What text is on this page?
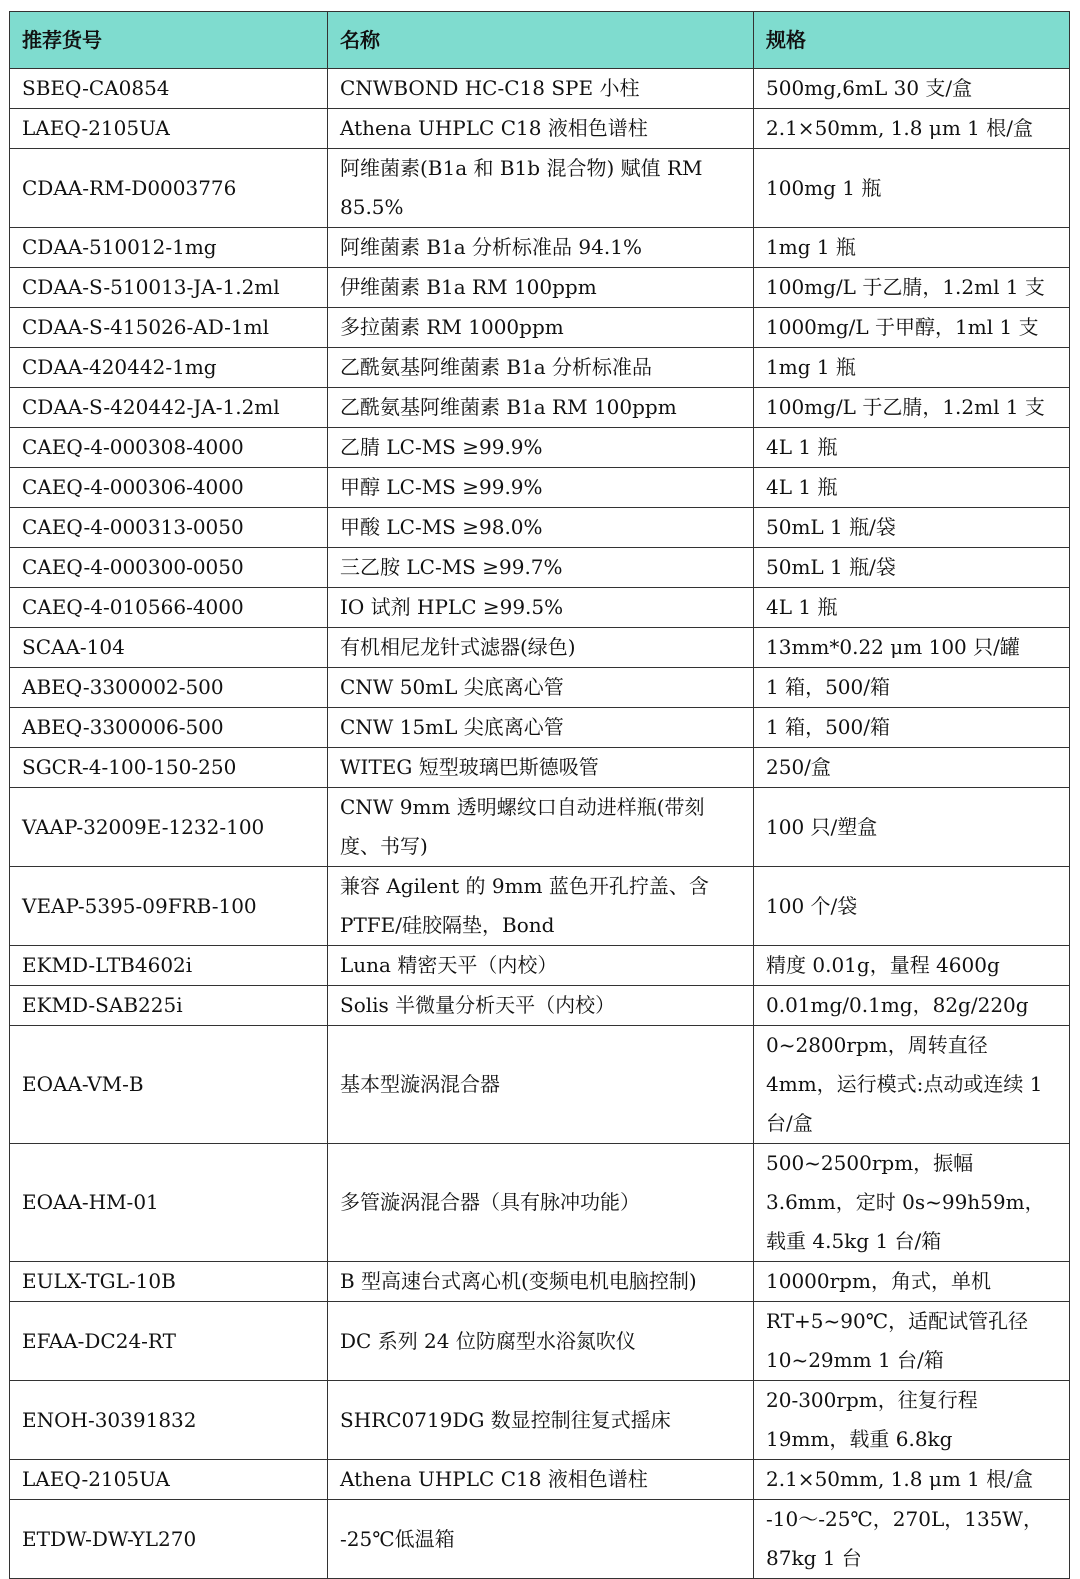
推荐货号	名称	规格
SBEQ-CA0854	CNWBOND HC-C18 SPE 小柱	500mg,6mL 30 支/盒
LAEQ-2105UA	Athena UHPLC C18 液相色谱柱	2.1×50mm, 1.8 μm 1 根/盒
CDAA-RM-D0003776	阿维菌素(B1a 和 B1b 混合物) 赋值 RM 85.5%	100mg 1 瓶
CDAA-510012-1mg	阿维菌素 B1a 分析标准品 94.1%	1mg 1 瓶
CDAA-S-510013-JA-1.2ml	伊维菌素 B1a RM 100ppm	100mg/L 于乙腈，1.2ml 1 支
CDAA-S-415026-AD-1ml	多拉菌素 RM 1000ppm	1000mg/L 于甲醇，1ml 1 支
CDAA-420442-1mg	乙酰氨基阿维菌素 B1a 分析标准品	1mg 1 瓶
CDAA-S-420442-JA-1.2ml	乙酰氨基阿维菌素 B1a RM 100ppm	100mg/L 于乙腈，1.2ml 1 支
CAEQ-4-000308-4000	乙腈 LC-MS ≥99.9%	4L 1 瓶
CAEQ-4-000306-4000	甲醇 LC-MS ≥99.9%	4L 1 瓶
CAEQ-4-000313-0050	甲酸 LC-MS ≥98.0%	50mL 1 瓶/袋
CAEQ-4-000300-0050	三乙胺 LC-MS ≥99.7%	50mL 1 瓶/袋
CAEQ-4-010566-4000	IO 试剂 HPLC ≥99.5%	4L 1 瓶
SCAA-104	有机相尼龙针式滤器(绿色)	13mm*0.22 μm 100 只/罐
ABEQ-3300002-500	CNW 50mL 尖底离心管	1 箱，500/箱
ABEQ-3300006-500	CNW 15mL 尖底离心管	1 箱，500/箱
SGCR-4-100-150-250	WITEG 短型玻璃巴斯德吸管	250/盒
VAAP-32009E-1232-100	CNW 9mm 透明螺纹口自动进样瓶(带刻度、书写)	100 只/塑盒
VEAP-5395-09FRB-100	兼容 Agilent 的 9mm 蓝色开孔拧盖、含 PTFE/硅胶隔垫，Bond	100 个/袋
EKMD-LTB4602i	Luna 精密天平（内校）	精度 0.01g，量程 4600g
EKMD-SAB225i	Solis 半微量分析天平（内校）	0.01mg/0.1mg，82g/220g
EOAA-VM-B	基本型漩涡混合器	0~2800rpm，周转直径 4mm，运行模式:点动或连续 1 台/盒
EOAA-HM-01	多管漩涡混合器（具有脉冲功能）	500~2500rpm，振幅 3.6mm，定时 0s~99h59m，载重 4.5kg 1 台/箱
EULX-TGL-10B	B 型高速台式离心机(变频电机电脑控制)	10000rpm，角式，单机
EFAA-DC24-RT	DC 系列 24 位防腐型水浴氮吹仪	RT+5~90℃，适配试管孔径 10~29mm 1 台/箱
ENOH-30391832	SHRC0719DG 数显控制往复式摇床	20-300rpm，往复行程 19mm，载重 6.8kg
LAEQ-2105UA	Athena UHPLC C18 液相色谱柱	2.1×50mm, 1.8 μm 1 根/盒
ETDW-DW-YL270	-25℃低温箱	-10～-25℃，270L，135W，87kg 1 台
